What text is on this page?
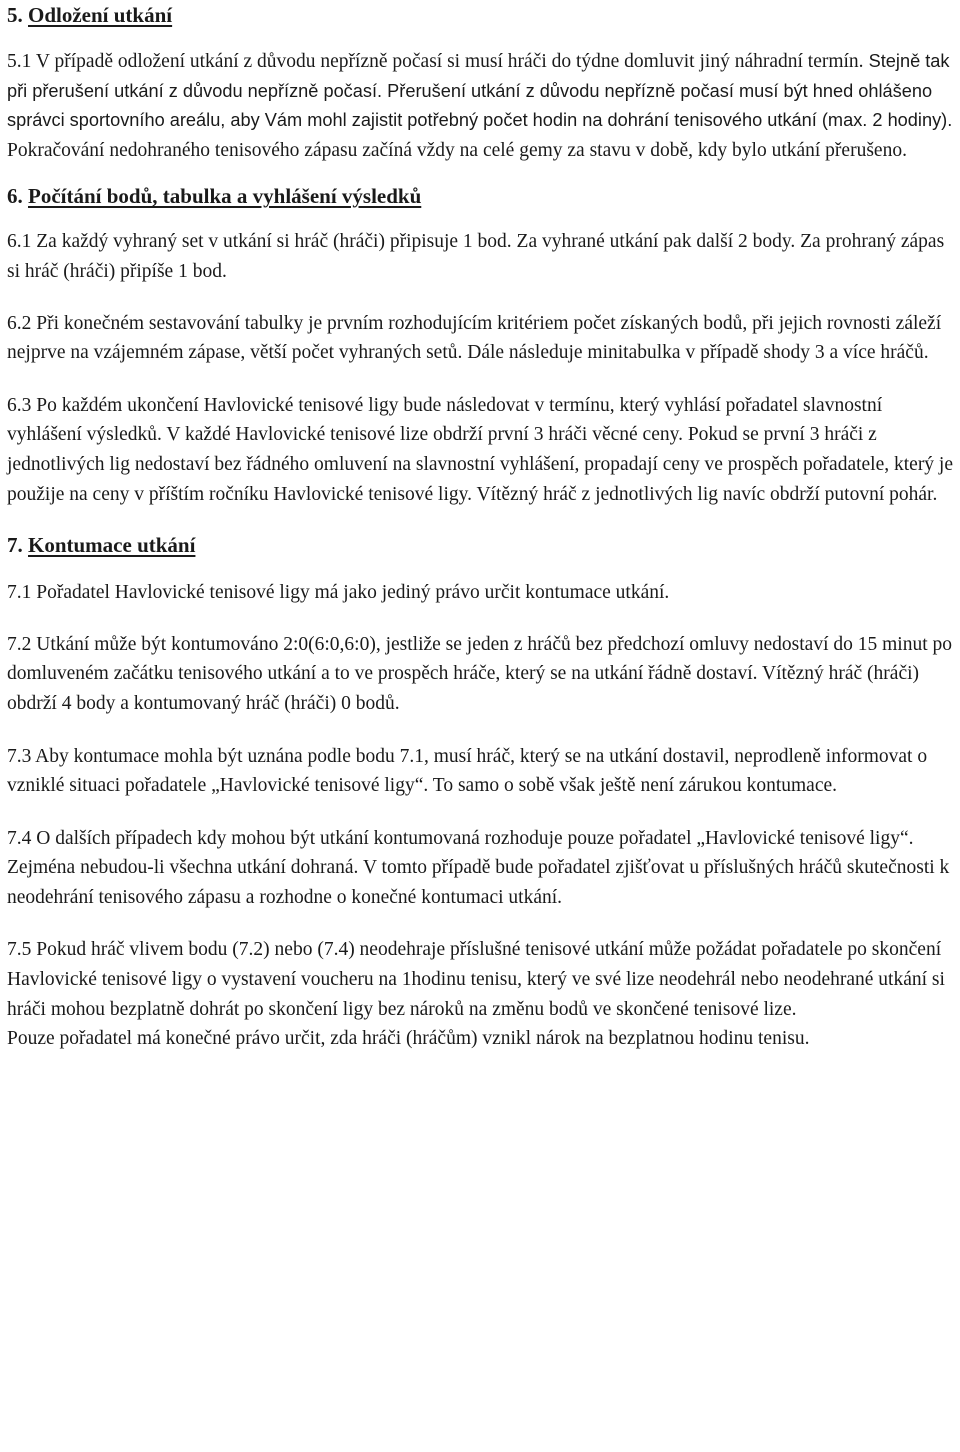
5. Odložení utkání

5.1 V případě odložení utkání z důvodu nepřízně počasí si musí hráči do týdne domluvit jiný náhradní termín. Stejně tak při přerušení utkání z důvodu nepřízně počasí. Přerušení utkání z důvodu nepřízně počasí musí být hned ohlášeno správci sportovního areálu, aby Vám mohl zajistit potřebný počet hodin na dohrání tenisového utkání (max. 2 hodiny). Pokračování nedohraného tenisového zápasu začíná vždy na celé gemy za stavu v době, kdy bylo utkání přerušeno.

6. Počítání bodů, tabulka a vyhlášení výsledků

6.1 Za každý vyhraný set v utkání si hráč (hráči) připisuje 1 bod. Za vyhrané utkání pak další 2 body. Za prohraný zápas si hráč (hráči) připíše 1 bod.

6.2 Při konečném sestavování tabulky je prvním rozhodujícím kritériem počet získaných bodů, při jejich rovnosti záleží nejprve na vzájemném zápase, větší počet vyhraných setů. Dále následuje minitabulka v případě shody 3 a více hráčů.

6.3 Po každém ukončení Havlovické tenisové ligy bude následovat v termínu, který vyhlásí pořadatel slavnostní vyhlášení výsledků. V každé Havlovické tenisové lize obdrží první 3 hráči věcné ceny. Pokud se první 3 hráči z jednotlivých lig nedostaví bez řádného omluvení na slavnostní vyhlášení, propadají ceny ve prospěch pořadatele, který je použije na ceny v příštím ročníku Havlovické tenisové ligy. Vítězný hráč z jednotlivých lig navíc obdrží putovní pohár.

7. Kontumace utkání

7.1 Pořadatel Havlovické tenisové ligy má jako jediný právo určit kontumace utkání.

7.2 Utkání může být kontumováno 2:0(6:0,6:0), jestliže se jeden z hráčů bez předchozí omluvy nedostaví do 15 minut po domluveném začátku tenisového utkání a to ve prospěch hráče, který se na utkání řádně dostaví. Vítězný hráč (hráči) obdrží 4 body a kontumovaný hráč (hráči) 0 bodů.

7.3 Aby kontumace mohla být uznána podle bodu 7.1, musí hráč, který se na utkání dostavil, neprodleně informovat o vzniklé situaci pořadatele „Havlovické tenisové ligy“. To samo o sobě však ještě není zárukou kontumace.

7.4 O dalších případech kdy mohou být utkání kontumovaná rozhoduje pouze pořadatel „Havlovické tenisové ligy“. Zejména nebudou-li všechna utkání dohraná. V tomto případě bude pořadatel zjišťovat u příslušných hráčů skutečnosti k neodehrání tenisového zápasu a rozhodne o konečné kontumaci utkání.

7.5 Pokud hráč vlivem bodu (7.2) nebo (7.4) neodehraje příslušné tenisové utkání může požádat pořadatele po skončení Havlovické tenisové ligy o vystavení voucheru na 1hodinu tenisu, který ve své lize neodehrál nebo neodehrané utkání si hráči mohou bezplatně dohrát po skončení ligy bez nároků na změnu bodů ve skončené tenisové lize.

Pouze pořadatel má konečné právo určit, zda hráči (hráčům) vznikl nárok na bezplatnou hodinu tenisu.
